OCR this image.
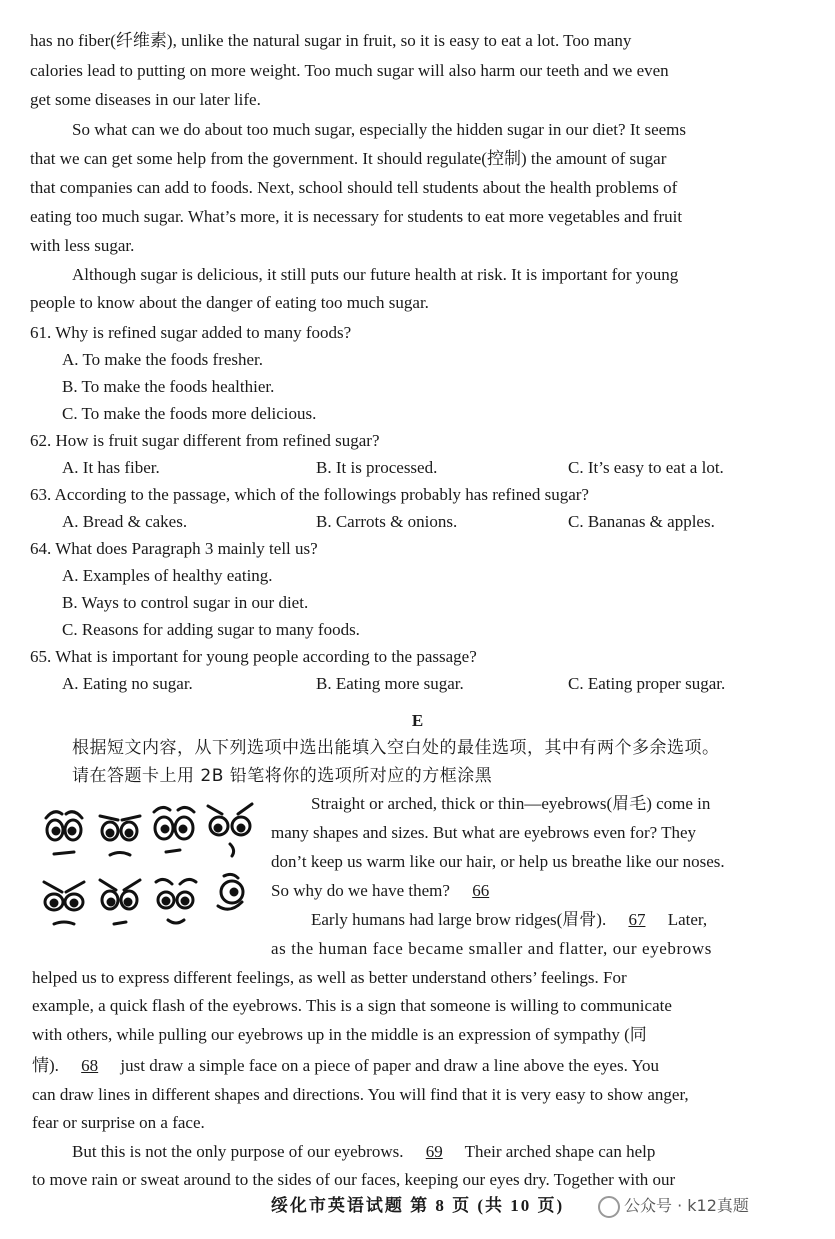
has no fiber(纤维素), unlike the natural sugar in fruit, so it is easy to eat a lot. Too many
calories lead to putting on more weight. Too much sugar will also harm our teeth and we even
get some diseases in our later life.
So what can we do about too much sugar, especially the hidden sugar in our diet? It seems
that we can get some help from the government. It should regulate(控制) the amount of sugar
that companies can add to foods. Next, school should tell students about the health problems of
eating too much sugar. What’s more, it is necessary for students to eat more vegetables and fruit
with less sugar.
Although sugar is delicious, it still puts our future health at risk. It is important for young
people to know about the danger of eating too much sugar.
61. Why is refined sugar added to many foods?
A. To make the foods fresher.
B. To make the foods healthier.
C. To make the foods more delicious.
62. How is fruit sugar different from refined sugar?
A. It has fiber.	B. It is processed.	C. It’s easy to eat a lot.
63. According to the passage, which of the followings probably has refined sugar?
A. Bread & cakes.	B. Carrots & onions.	C. Bananas & apples.
64. What does Paragraph 3 mainly tell us?
A. Examples of healthy eating.
B. Ways to control sugar in our diet.
C. Reasons for adding sugar to many foods.
65. What is important for young people according to the passage?
A. Eating no sugar.	B. Eating more sugar.	C. Eating proper sugar.
E
根据短文内容，从下列选项中选出能填入空白处的最佳选项，其中有两个多余选项。
请在答题卡上用 2B 铅笔将你的选项所对应的方框涂黑
Straight or arched, thick or thin—eyebrows(眉毛) come in
many shapes and sizes. But what are eyebrows even for? They
don’t keep us warm like our hair, or help us breathe like our noses.
So why do we have them? 66
Early humans had large brow ridges(眉骨). 67 Later,
as the human face became smaller and flatter, our eyebrows
helped us to express different feelings, as well as better understand others’ feelings. For
example, a quick flash of the eyebrows. This is a sign that someone is willing to communicate
with others, while pulling our eyebrows up in the middle is an expression of sympathy (同
情). 68 just draw a simple face on a piece of paper and draw a line above the eyes. You
can draw lines in different shapes and directions. You will find that it is very easy to show anger,
fear or surprise on a face.
But this is not the only purpose of our eyebrows. 69 Their arched shape can help
to move rain or sweat around to the sides of our faces, keeping our eyes dry. Together with our
绥化市英语试题 第 8 页 (共 10 页)	公众号 · k12真题
